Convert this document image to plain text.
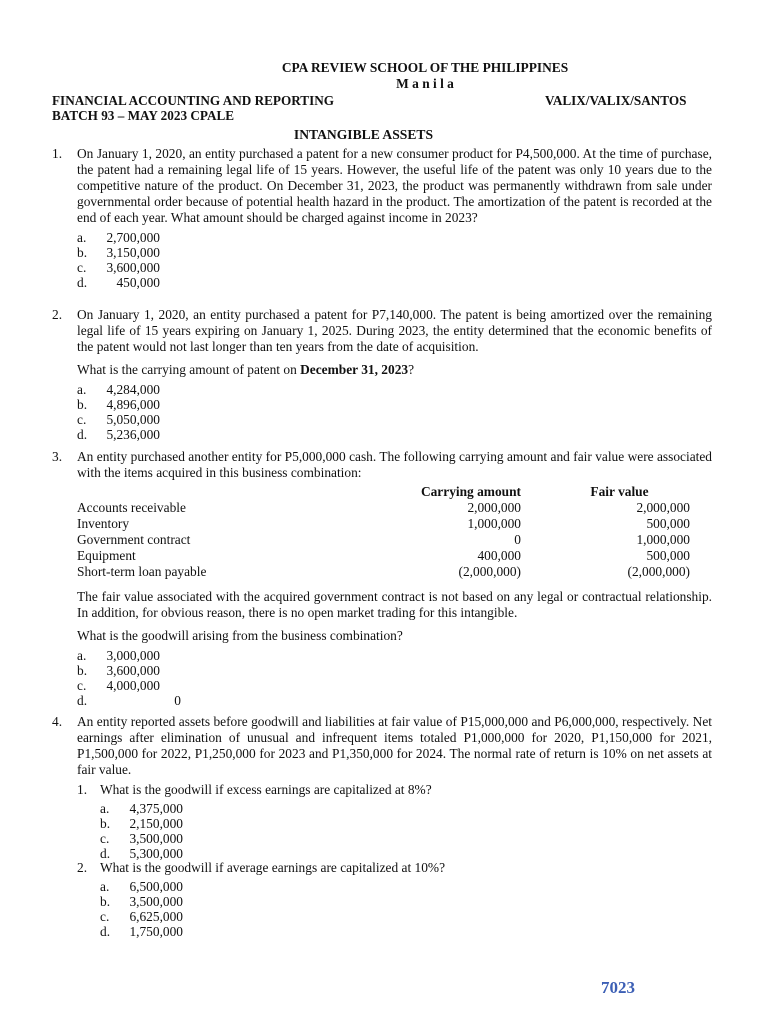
CPA REVIEW SCHOOL OF THE PHILIPPINES
M a n i l a
FINANCIAL ACCOUNTING AND REPORTING	VALIX/VALIX/SANTOS
BATCH 93 – MAY 2023 CPALE
INTANGIBLE ASSETS
1. On January 1, 2020, an entity purchased a patent for a new consumer product for P4,500,000. At the time of purchase, the patent had a remaining legal life of 15 years. However, the useful life of the patent was only 10 years due to the competitive nature of the product. On December 31, 2023, the product was permanently withdrawn from sale under governmental order because of potential health hazard in the product. The amortization of the patent is recorded at the end of each year. What amount should be charged against income in 2023?
a.	2,700,000
b.	3,150,000
c.	3,600,000
d.	450,000
2. On January 1, 2020, an entity purchased a patent for P7,140,000. The patent is being amortized over the remaining legal life of 15 years expiring on January 1, 2025. During 2023, the entity determined that the economic benefits of the patent would not last longer than ten years from the date of acquisition.
What is the carrying amount of patent on December 31, 2023?
a.	4,284,000
b.	4,896,000
c.	5,050,000
d.	5,236,000
3. An entity purchased another entity for P5,000,000 cash. The following carrying amount and fair value were associated with the items acquired in this business combination:
	Carrying amount	Fair value
Accounts receivable	2,000,000	2,000,000
Inventory	1,000,000	500,000
Government contract	0	1,000,000
Equipment	400,000	500,000
Short-term loan payable	(2,000,000)	(2,000,000)
The fair value associated with the acquired government contract is not based on any legal or contractual relationship. In addition, for obvious reason, there is no open market trading for this intangible.
What is the goodwill arising from the business combination?
a.	3,000,000
b.	3,600,000
c.	4,000,000
d.	0
4. An entity reported assets before goodwill and liabilities at fair value of P15,000,000 and P6,000,000, respectively. Net earnings after elimination of unusual and infrequent items totaled P1,000,000 for 2020, P1,150,000 for 2021, P1,500,000 for 2022, P1,250,000 for 2023 and P1,350,000 for 2024. The normal rate of return is 10% on net assets at fair value.
1. What is the goodwill if excess earnings are capitalized at 8%?
a.	4,375,000
b.	2,150,000
c.	3,500,000
d.	5,300,000
2. What is the goodwill if average earnings are capitalized at 10%?
a.	6,500,000
b.	3,500,000
c.	6,625,000
d.	1,750,000
7023
